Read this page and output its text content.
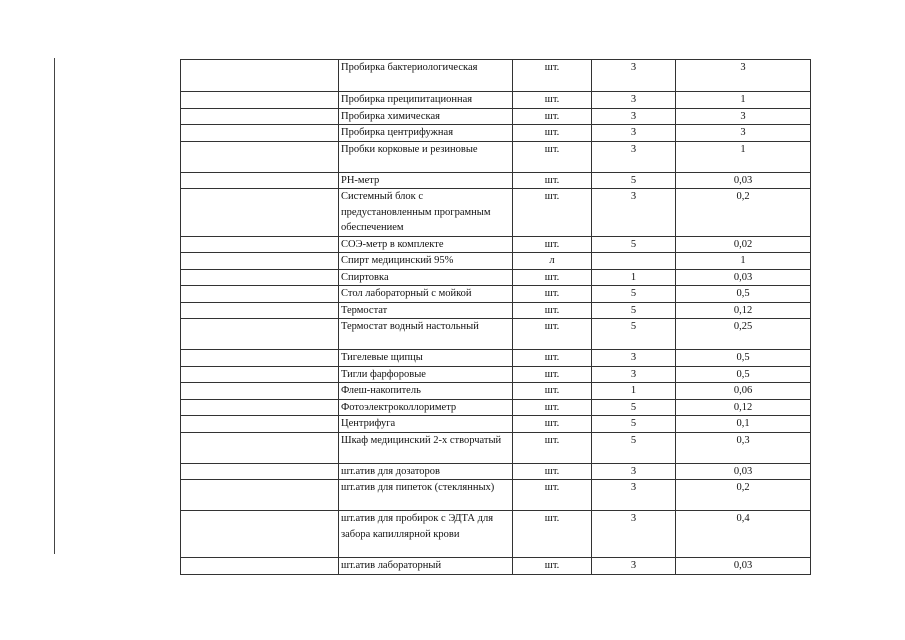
	Пробирка бактериологическая	шт.	3	3
	Пробирка преципитационная	шт.	3	1
	Пробирка химическая	шт.	3	3
	Пробирка центрифужная	шт.	3	3
	Пробки корковые и резиновые	шт.	3	1
	PH-метр	шт.	5	0,03
	Системный блок с предустановленным програмным обеспечением	шт.	3	0,2
	СОЭ-метр в комплекте	шт.	5	0,02
	Спирт медицинский 95%	л		1
	Спиртовка	шт.	1	0,03
	Стол лабораторный с мойкой	шт.	5	0,5
	Термостат	шт.	5	0,12
	Термостат водный настольный	шт.	5	0,25
	Тигелевые щипцы	шт.	3	0,5
	Тигли фарфоровые	шт.	3	0,5
	Флеш-накопитель	шт.	1	0,06
	Фотоэлектроколлориметр	шт.	5	0,12
	Центрифуга	шт.	5	0,1
	Шкаф медицинский 2-х створчатый	шт.	5	0,3
	шт.атив для дозаторов	шт.	3	0,03
	шт.атив для пипеток (стеклянных)	шт.	3	0,2
	шт.атив для пробирок с ЭДТА для забора капиллярной крови	шт.	3	0,4
	шт.атив лабораторный	шт.	3	0,03
